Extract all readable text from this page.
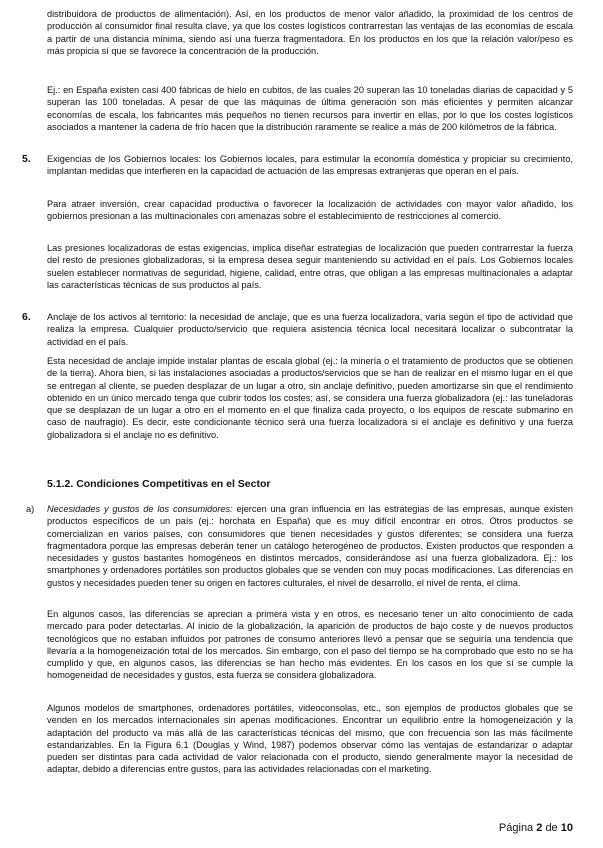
distribuidora de productos de alimentación). Así, en los productos de menor valor añadido, la proximidad de los centros de producción al consumidor final resulta clave, ya que los costes logísticos contrarrestan las ventajas de las economías de escala a partir de una distancia mínima, siendo así una fuerza fragmentadora. En los productos en los que la relación valor/peso es más propicia sí que se favorece la concentración de la producción.

Ej.: en España existen casi 400 fábricas de hielo en cubitos, de las cuales 20 superan las 10 toneladas diarias de capacidad y 5 superan las 100 toneladas. A pesar de que las máquinas de última generación son más eficientes y permiten alcanzar economías de escala, los fabricantes más pequeños no tienen recursos para invertir en ellas, por lo que los costes logísticos asociados a mantener la cadena de frío hacen que la distribución raramente se realice a más de 200 kilómetros de la fábrica.

5. Exigencias de los Gobiernos locales: los Gobiernos locales, para estimular la economía doméstica y propiciar su crecimiento, implantan medidas que interfieren en la capacidad de actuación de las empresas extranjeras que operan en el país.

Para atraer inversión, crear capacidad productiva o favorecer la localización de actividades con mayor valor añadido, los gobiernos presionan a las multinacionales con amenazas sobre el establecimiento de restricciones al comercio.

Las presiones localizadoras de estas exigencias, implica diseñar estrategias de localización que pueden contrarrestar la fuerza del resto de presiones globalizadoras, si la empresa desea seguir manteniendo su actividad en el país. Los Gobiernos locales suelen establecer normativas de seguridad, higiene, calidad, entre otras, que obligan a las empresas multinacionales a adaptar las características técnicas de sus productos al país.

6. Anclaje de los activos al territorio: la necesidad de anclaje, que es una fuerza localizadora, varía según el tipo de actividad que realiza la empresa. Cualquier producto/servicio que requiera asistencia técnica local necesitará localizar o subcontratar la actividad en el país.

Esta necesidad de anclaje impide instalar plantas de escala global (ej.: la minería o el tratamiento de productos que se obtienen de la tierra). Ahora bien, si las instalaciones asociadas a productos/servicios que se han de realizar en el mismo lugar en el que se entregan al cliente, se pueden desplazar de un lugar a otro, sin anclaje definitivo, pueden amortizarse sin que el rendimiento obtenido en un único mercado tenga que cubrir todos los costes; así, se considera una fuerza globalizadora (ej.: las tuneladoras que se desplazan de un lugar a otro en el momento en el que finaliza cada proyecto, o los equipos de rescate submarino en caso de naufragio). Es decir, este condicionante técnico será una fuerza localizadora si el anclaje es definitivo y una fuerza globalizadora si el anclaje no es definitivo.

5.1.2. Condiciones Competitivas en el Sector
a) Necesidades y gustos de los consumidores: ejercen una gran influencia en las estrategias de las empresas, aunque existen productos específicos de un país (ej.: horchata en España) que es muy difícil encontrar en otros. Otros productos se comercializan en varios países, con consumidores que tienen necesidades y gustos diferentes; se considera una fuerza fragmentadora porque las empresas deberán tener un catálogo heterogéneo de productos. Existen productos que responden a necesidades y gustos bastantes homogéneos en distintos mercados, considerándose así una fuerza globalizadora. Ej.: los smartphones y ordenadores portátiles son productos globales que se venden con muy pocas modificaciones. Las diferencias en gustos y necesidades pueden tener su origen en factores culturales, el nivel de desarrollo, el nivel de renta, el clima.

En algunos casos, las diferencias se aprecian a primera vista y en otros, es necesario tener un alto conocimiento de cada mercado para poder detectarlas. Al inicio de la globalización, la aparición de productos de bajo coste y de nuevos productos tecnológicos que no estaban influidos por patrones de consumo anteriores llevó a pensar que se seguiría una tendencia que llevaría a la homogeneización total de los mercados. Sin embargo, con el paso del tiempo se ha comprobado que esto no se ha cumplido y que, en algunos casos, las diferencias se han hecho más evidentes. En los casos en los que sí se cumple la homogeneidad de necesidades y gustos, esta fuerza se considera globalizadora.

Algunos modelos de smartphones, ordenadores portátiles, videoconsolas, etc., son ejemplos de productos globales que se venden en los mercados internacionales sin apenas modificaciones. Encontrar un equilibrio entre la homogeneización y la adaptación del producto va más allá de las características técnicas del mismo, que con frecuencia son las más fácilmente estandarizables. En la Figura 6.1 (Douglas y Wind, 1987) podemos observar cómo las ventajas de estandarizar o adaptar pueden ser distintas para cada actividad de valor relacionada con el producto, siendo generalmente mayor la necesidad de adaptar, debido a diferencias entre gustos, para las actividades relacionadas con el marketing.

Página 2 de 10
